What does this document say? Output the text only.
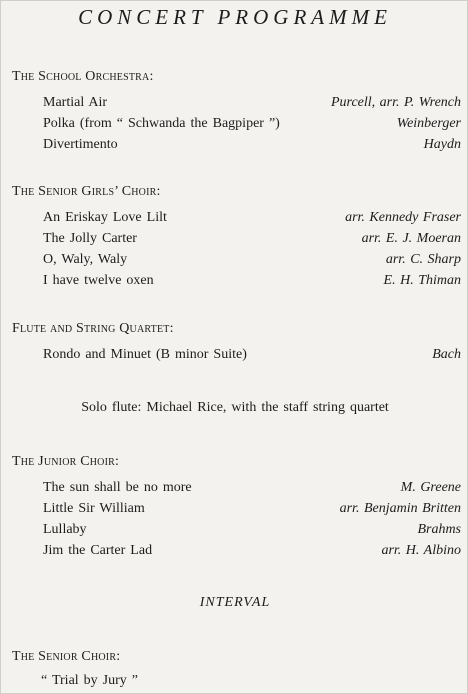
CONCERT PROGRAMME
The School Orchestra:
Martial Air	Purcell, arr. P. Wrench
Polka (from “ Schwanda the Bagpiper ”)	Weinberger
Divertimento	Haydn
The Senior Girls’ Choir:
An Eriskay Love Lilt	arr. Kennedy Fraser
The Jolly Carter	arr. E. J. Moeran
O, Waly, Waly	arr. C. Sharp
I have twelve oxen	E. H. Thiman
Flute and String Quartet:
Rondo and Minuet (B minor Suite)	Bach
Solo flute: Michael Rice, with the staff string quartet
The Junior Choir:
The sun shall be no more	M. Greene
Little Sir William	arr. Benjamin Britten
Lullaby	Brahms
Jim the Carter Lad	arr. H. Albino
INTERVAL
The Senior Choir:
“ Trial by Jury ”
